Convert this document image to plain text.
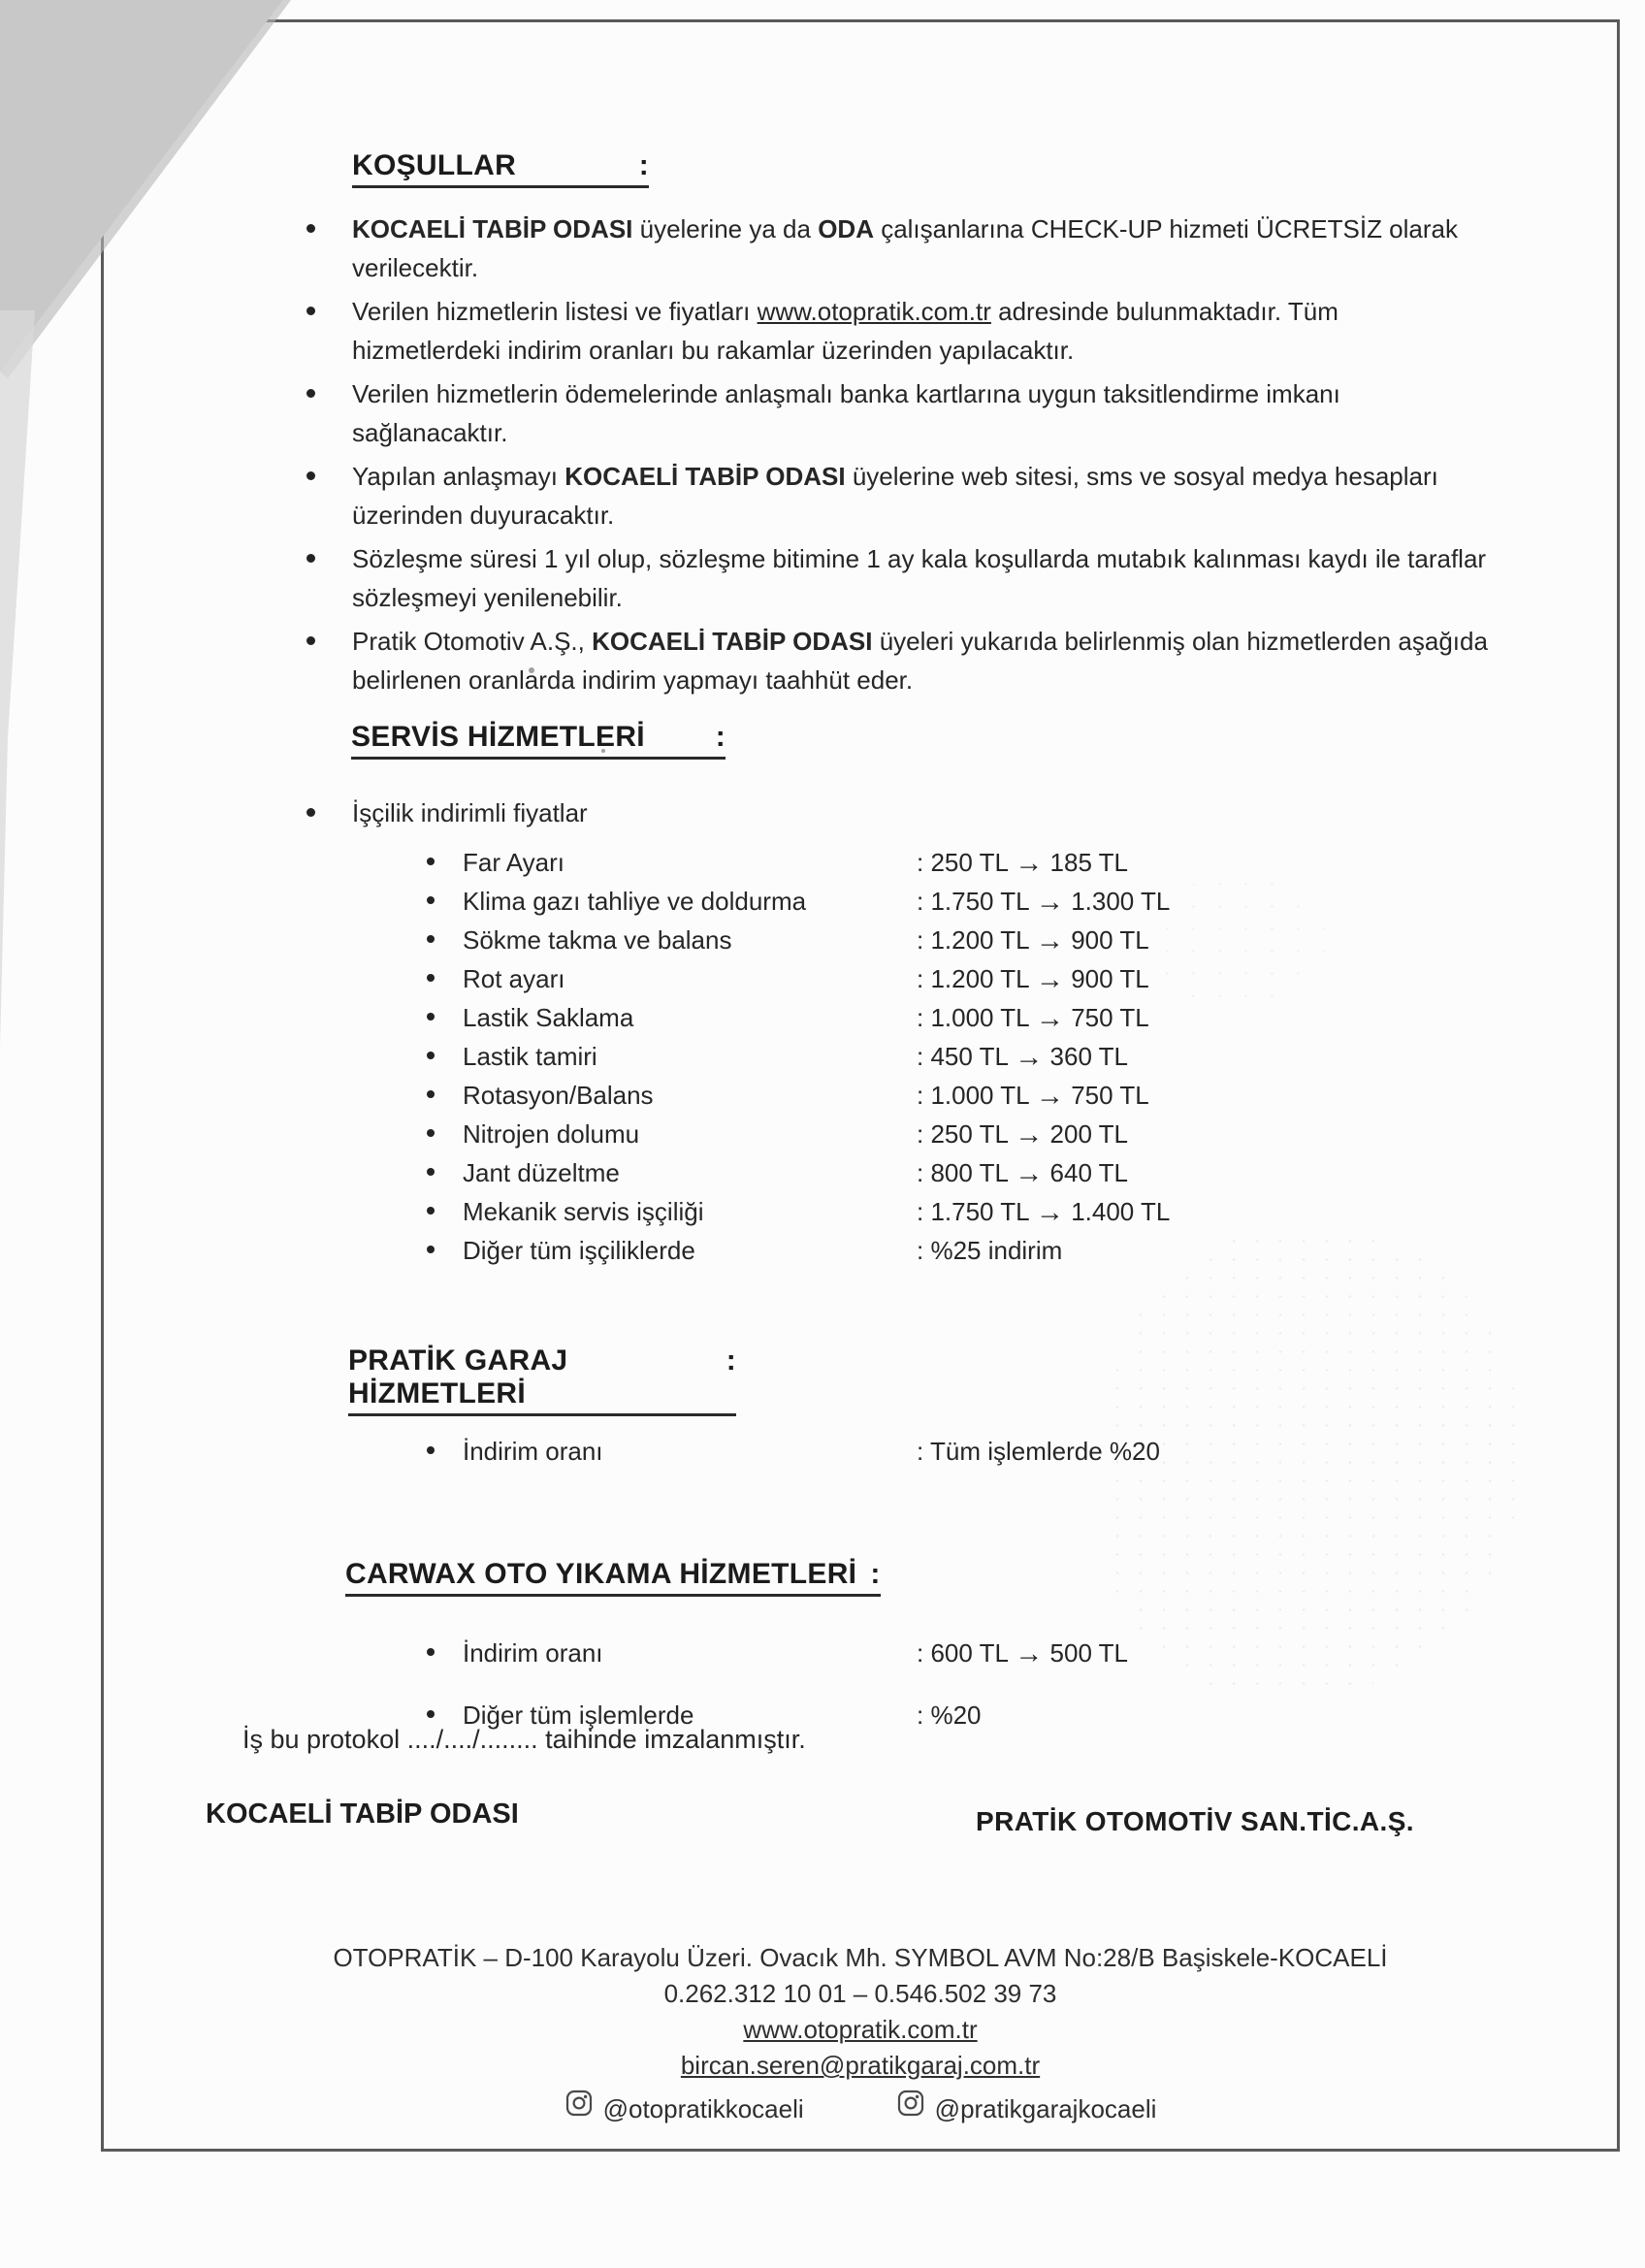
KOŞULLAR	:
KOCAELİ TABİP ODASI üyelerine ya da ODA çalışanlarına CHECK-UP hizmeti ÜCRETSİZ olarak
verilecektir.
Verilen hizmetlerin listesi ve fiyatları www.otopratik.com.tr adresinde bulunmaktadır. Tüm
hizmetlerdeki indirim oranları bu rakamlar üzerinden yapılacaktır.
Verilen hizmetlerin ödemelerinde anlaşmalı banka kartlarına uygun taksitlendirme imkanı
sağlanacaktır.
Yapılan anlaşmayı KOCAELİ TABİP ODASI üyelerine web sitesi, sms ve sosyal medya hesapları
üzerinden duyuracaktır.
Sözleşme süresi 1 yıl olup, sözleşme bitimine 1 ay kala koşullarda mutabık kalınması kaydı ile taraflar
sözleşmeyi yenilenebilir.
Pratik Otomotiv A.Ş., KOCAELİ TABİP ODASI üyeleri yukarıda belirlenmiş olan hizmetlerden aşağıda
belirlenen oranlarda indirim yapmayı taahhüt eder.
SERVİS HİZMETLERİ :
İşçilik indirimli fiyatlar
Far Ayarı	: 250 TL → 185 TL
Klima gazı tahliye ve doldurma	: 1.750 TL → 1.300 TL
Sökme takma ve balans	: 1.200 TL → 900 TL
Rot ayarı	: 1.200 TL → 900 TL
Lastik Saklama	: 1.000 TL → 750 TL
Lastik tamiri	: 450 TL → 360 TL
Rotasyon/Balans	: 1.000 TL → 750 TL
Nitrojen dolumu	: 250 TL → 200 TL
Jant düzeltme	: 800 TL → 640 TL
Mekanik servis işçiliği	: 1.750 TL → 1.400 TL
Diğer tüm işçiliklerde	: %25 indirim
PRATİK GARAJ HİZMETLERİ
:
İndirim oranı	: Tüm işlemlerde %20
CARWAX OTO YIKAMA HİZMETLERİ :
İndirim oranı	: 600 TL → 500 TL
Diğer tüm işlemlerde	: %20
İş bu protokol ..../..../........ taihinde imzalanmıştır.
KOCAELİ TABİP ODASI	PRATİK OTOMOTİV SAN.TİC.A.Ş.
OTOPRATİK – D-100 Karayolu Üzeri. Ovacık Mh. SYMBOL AVM No:28/B Başiskele-KOCAELİ
0.262.312 10 01 – 0.546.502 39 73
www.otopratik.com.tr
bircan.seren@pratikgaraj.com.tr
@otopratikkocaeli	@pratikgarajkocaeli
